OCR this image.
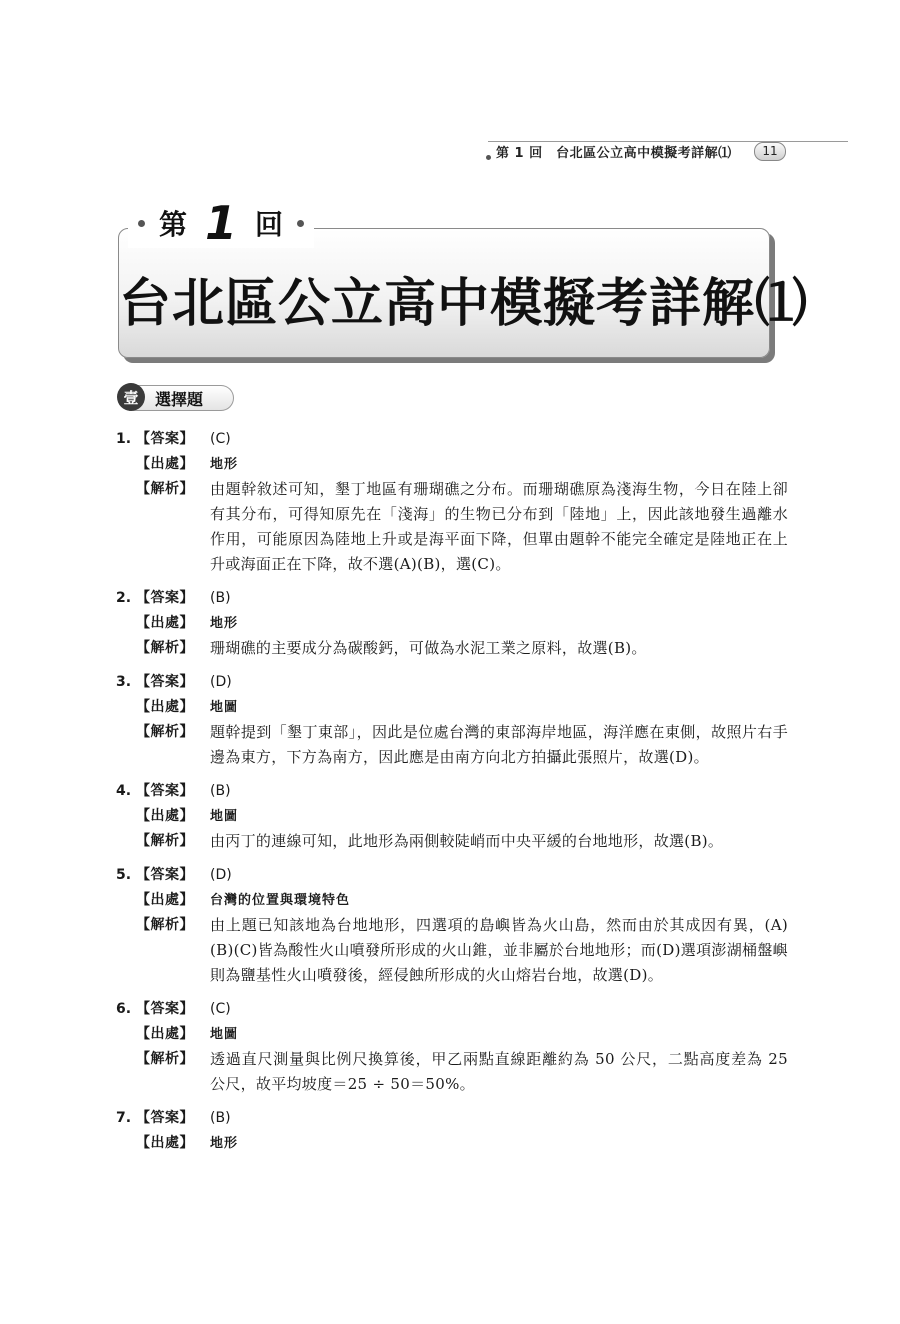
第 1 回　台北區公立高中模擬考詳解⑴	11
台北區公立高中模擬考詳解⑴
第 1 回
壹	選擇題
1. 【答案】	(C)
【出處】	地形
【解析】	由題幹敘述可知，墾丁地區有珊瑚礁之分布。而珊瑚礁原為淺海生物，今日在陸上卻有其分布，可得知原先在「淺海」的生物已分布到「陸地」上，因此該地發生過離水作用，可能原因為陸地上升或是海平面下降，但單由題幹不能完全確定是陸地正在上升或海面正在下降，故不選(A)(B)，選(C)。
2. 【答案】	(B)
【出處】	地形
【解析】	珊瑚礁的主要成分為碳酸鈣，可做為水泥工業之原料，故選(B)。
3. 【答案】	(D)
【出處】	地圖
【解析】	題幹提到「墾丁東部」，因此是位處台灣的東部海岸地區，海洋應在東側，故照片右手邊為東方，下方為南方，因此應是由南方向北方拍攝此張照片，故選(D)。
4. 【答案】	(B)
【出處】	地圖
【解析】	由丙丁的連線可知，此地形為兩側較陡峭而中央平緩的台地地形，故選(B)。
5. 【答案】	(D)
【出處】	台灣的位置與環境特色
【解析】	由上題已知該地為台地地形，四選項的島嶼皆為火山島，然而由於其成因有異，(A)(B)(C)皆為酸性火山噴發所形成的火山錐，並非屬於台地地形；而(D)選項澎湖桶盤嶼則為鹽基性火山噴發後，經侵蝕所形成的火山熔岩台地，故選(D)。
6. 【答案】	(C)
【出處】	地圖
【解析】	透過直尺測量與比例尺換算後，甲乙兩點直線距離約為 50 公尺，二點高度差為 25 公尺，故平均坡度＝25 ÷ 50＝50%。
7. 【答案】	(B)
【出處】	地形
